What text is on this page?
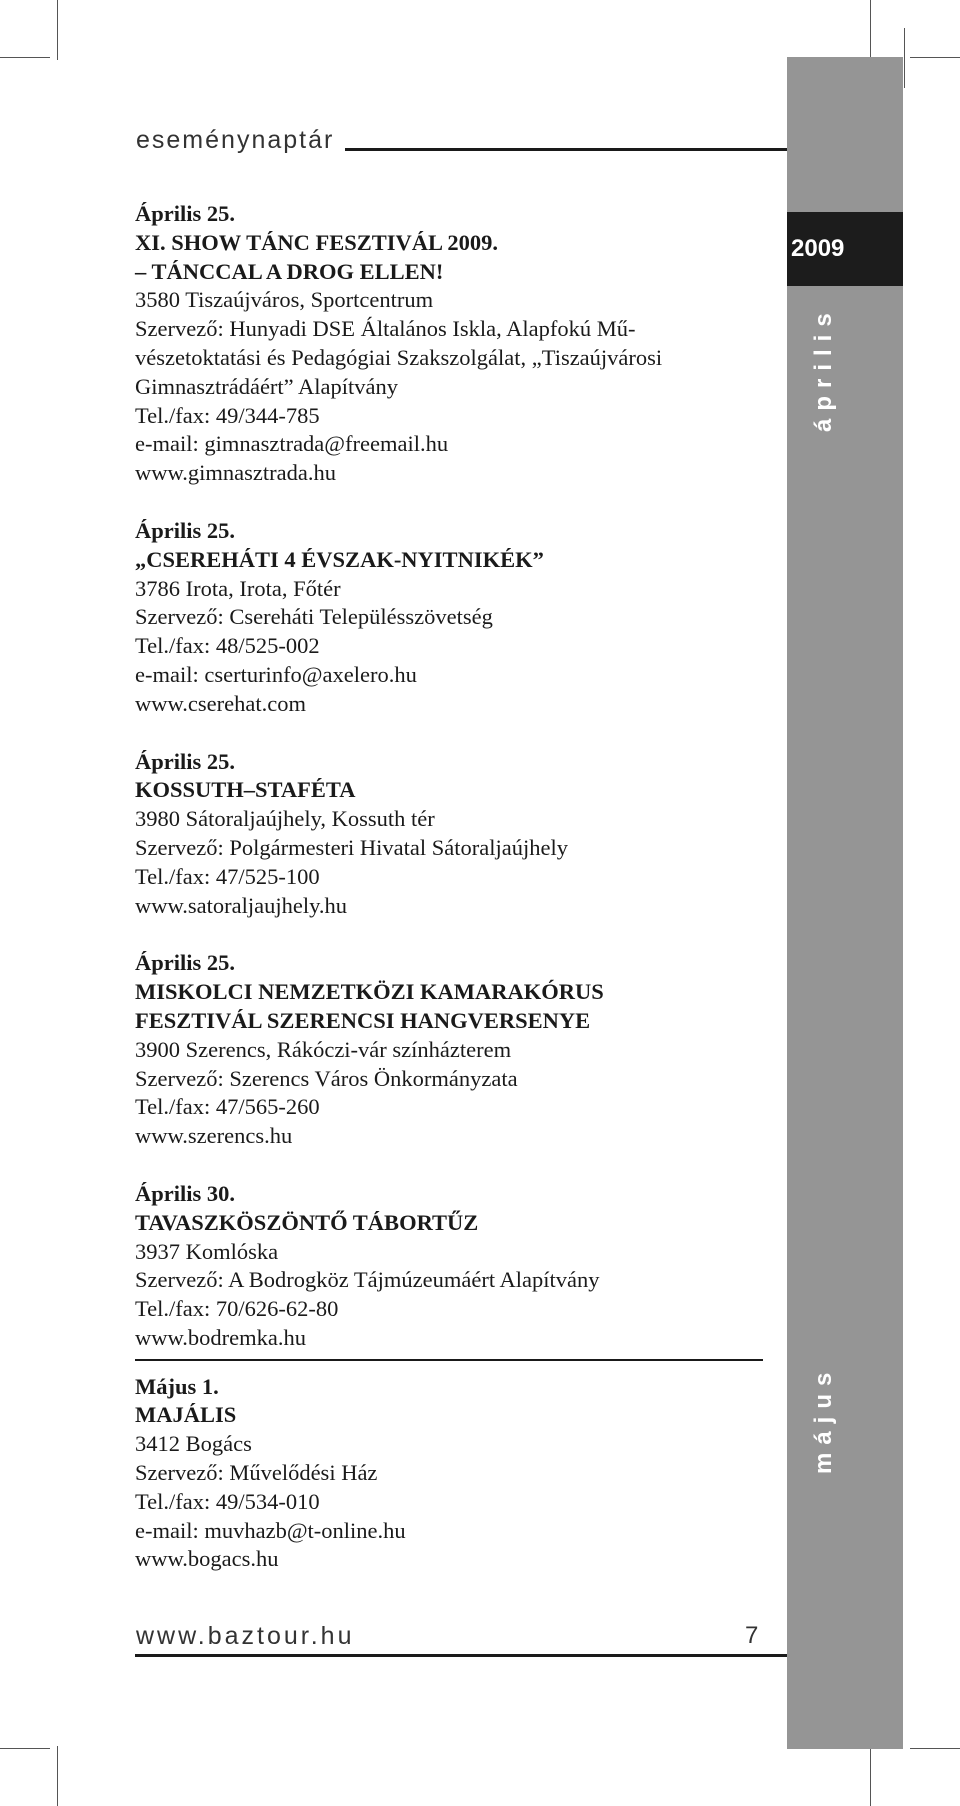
eseménynaptár
2009
április
május
Április 25.
XI. SHOW TÁNC FESZTIVÁL 2009.
– TÁNCCAL A DROG ELLEN!
3580 Tiszaújváros, Sportcentrum
Szervező: Hunyadi DSE Általános Iskla, Alapfokú Mű-
vészetoktatási és Pedagógiai Szakszolgálat, „Tiszaújvárosi
Gimnasztrádáért” Alapítvány
Tel./fax: 49/344-785
e-mail: gimnasztrada@freemail.hu
www.gimnasztrada.hu
Április 25.
„CSEREHÁTI 4 ÉVSZAK-NYITNIKÉK”
3786 Irota, Irota, Főtér
Szervező: Csereháti Településszövetség
Tel./fax: 48/525-002
e-mail: cserturinfo@axelero.hu
www.cserehat.com
Április 25.
KOSSUTH–STAFÉTA
3980 Sátoraljaújhely, Kossuth tér
Szervező: Polgármesteri Hivatal Sátoraljaújhely
Tel./fax: 47/525-100
www.satoraljaujhely.hu
Április 25.
MISKOLCI NEMZETKÖZI KAMARAKÓRUS
FESZTIVÁL SZERENCSI HANGVERSENYE
3900 Szerencs, Rákóczi-vár színházterem
Szervező: Szerencs Város Önkormányzata
Tel./fax: 47/565-260
www.szerencs.hu
Április 30.
TAVASZKÖSZÖNTŐ TÁBORTŰZ
3937 Komlóska
Szervező: A Bodrogköz Tájmúzeumáért Alapítvány
Tel./fax: 70/626-62-80
www.bodremka.hu
Május 1.
MAJÁLIS
3412 Bogács
Szervező: Művelődési Ház
Tel./fax: 49/534-010
e-mail: muvhazb@t-online.hu
www.bogacs.hu
www.baztour.hu	7
